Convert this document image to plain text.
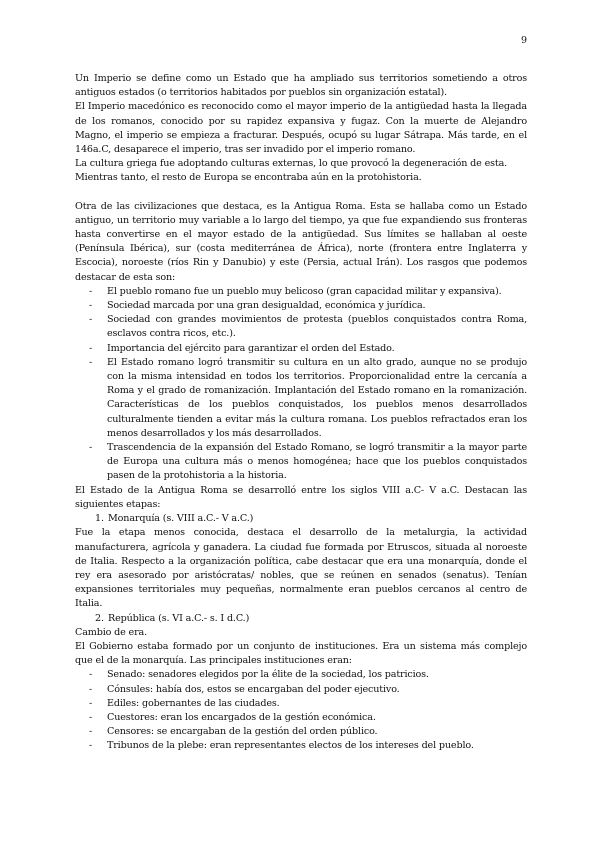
9

Un Imperio se define como un Estado que ha ampliado sus territorios sometiendo a otros antiguos estados (o territorios habitados por pueblos sin organización estatal).

El Imperio macedónico es reconocido como el mayor imperio de la antigüedad hasta la llegada de los romanos, conocido por su rapidez expansiva y fugaz. Con la muerte de Alejandro Magno, el imperio se empieza a fracturar. Después, ocupó su lugar Sátrapa. Más tarde, en el 146a.C, desaparece el imperio, tras ser invadido por el imperio romano.

La cultura griega fue adoptando culturas externas, lo que provocó la degeneración de esta.

Mientras tanto, el resto de Europa se encontraba aún en la protohistoria.

Otra de las civilizaciones que destaca, es la Antigua Roma. Esta se hallaba como un Estado antiguo, un territorio muy variable a lo largo del tiempo, ya que fue expandiendo sus fronteras hasta convertirse en el mayor estado de la antigüedad. Sus límites se hallaban al oeste (Península Ibérica), sur (costa mediterránea de África), norte (frontera entre Inglaterra y Escocia), noroeste (ríos Rin y Danubio) y este (Persia, actual Irán). Los rasgos que podemos destacar de esta son:

- El pueblo romano fue un pueblo muy belicoso (gran capacidad militar y expansiva).
- Sociedad marcada por una gran desigualdad, económica y jurídica.
- Sociedad con grandes movimientos de protesta (pueblos conquistados contra Roma, esclavos contra ricos, etc.).
- Importancia del ejército para garantizar el orden del Estado.
- El Estado romano logró transmitir su cultura en un alto grado, aunque no se produjo con la misma intensidad en todos los territorios. Proporcionalidad entre la cercanía a Roma y el grado de romanización. Implantación del Estado romano en la romanización. Características de los pueblos conquistados, los pueblos menos desarrollados culturalmente tienden a evitar más la cultura romana. Los pueblos refractados eran los menos desarrollados y los más desarrollados.
- Trascendencia de la expansión del Estado Romano, se logró transmitir a la mayor parte de Europa una cultura más o menos homogénea; hace que los pueblos conquistados pasen de la protohistoria a la historia.

El Estado de la Antigua Roma se desarrolló entre los siglos VIII a.C- V a.C. Destacan las siguientes etapas:

1. Monarquía (s. VIII a.C.- V a.C.)

Fue la etapa menos conocida, destaca el desarrollo de la metalurgia, la actividad manufacturera, agrícola y ganadera. La ciudad fue formada por Etruscos, situada al noroeste de Italia. Respecto a la organización política, cabe destacar que era una monarquía, donde el rey era asesorado por aristócratas/ nobles, que se reúnen en senados (senatus). Tenían expansiones territoriales muy pequeñas, normalmente eran pueblos cercanos al centro de Italia.

2. República (s. VI a.C.- s. I d.C.)

Cambio de era.

El Gobierno estaba formado por un conjunto de instituciones. Era un sistema más complejo que el de la monarquía. Las principales instituciones eran:

- Senado: senadores elegidos por la élite de la sociedad, los patricios.
- Cónsules: había dos, estos se encargaban del poder ejecutivo.
- Ediles: gobernantes de las ciudades.
- Cuestores: eran los encargados de la gestión económica.
- Censores: se encargaban de la gestión del orden público.
- Tribunos de la plebe: eran representantes electos de los intereses del pueblo.
